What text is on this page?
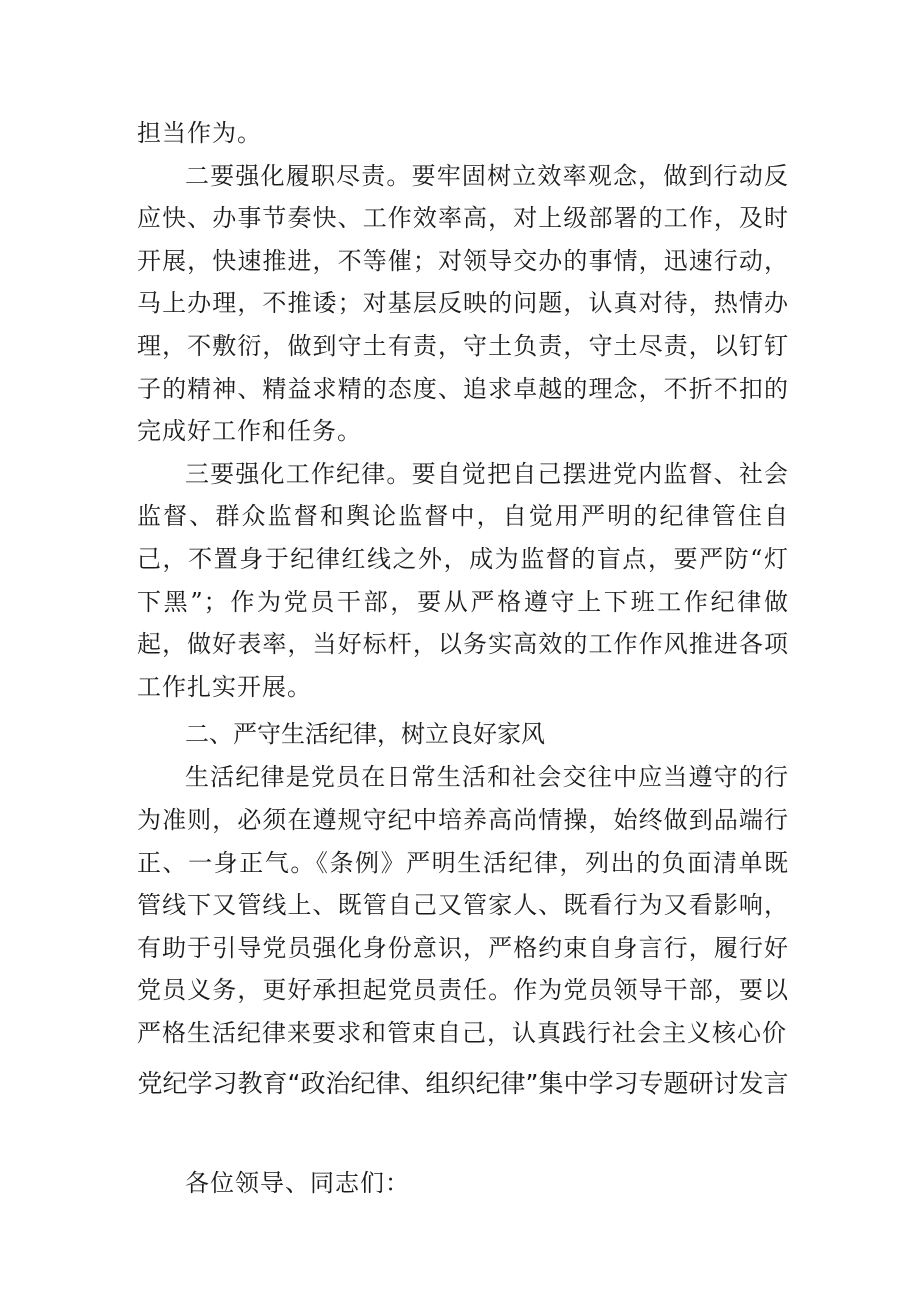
担当作为。

二要强化履职尽责。要牢固树立效率观念，做到行动反应快、办事节奏快、工作效率高，对上级部署的工作，及时开展，快速推进，不等催；对领导交办的事情，迅速行动，马上办理，不推诿；对基层反映的问题，认真对待，热情办理，不敷衍，做到守土有责，守土负责，守土尽责，以钉钉子的精神、精益求精的态度、追求卓越的理念，不折不扣的完成好工作和任务。

三要强化工作纪律。要自觉把自己摆进党内监督、社会监督、群众监督和舆论监督中，自觉用严明的纪律管住自己，不置身于纪律红线之外，成为监督的盲点，要严防“灯下黑”；作为党员干部，要从严格遵守上下班工作纪律做起，做好表率，当好标杆，以务实高效的工作作风推进各项工作扎实开展。

二、严守生活纪律，树立良好家风

生活纪律是党员在日常生活和社会交往中应当遵守的行为准则，必须在遵规守纪中培养高尚情操，始终做到品端行正、一身正气。《条例》严明生活纪律，列出的负面清单既管线下又管线上、既管自己又管家人、既看行为又看影响，有助于引导党员强化身份意识，严格约束自身言行，履行好党员义务，更好承担起党员责任。作为党员领导干部，要以严格生活纪律来要求和管束自己，认真践行社会主义核心价

党纪学习教育“政治纪律、组织纪律”集中学习专题研讨发言

各位领导、同志们：
